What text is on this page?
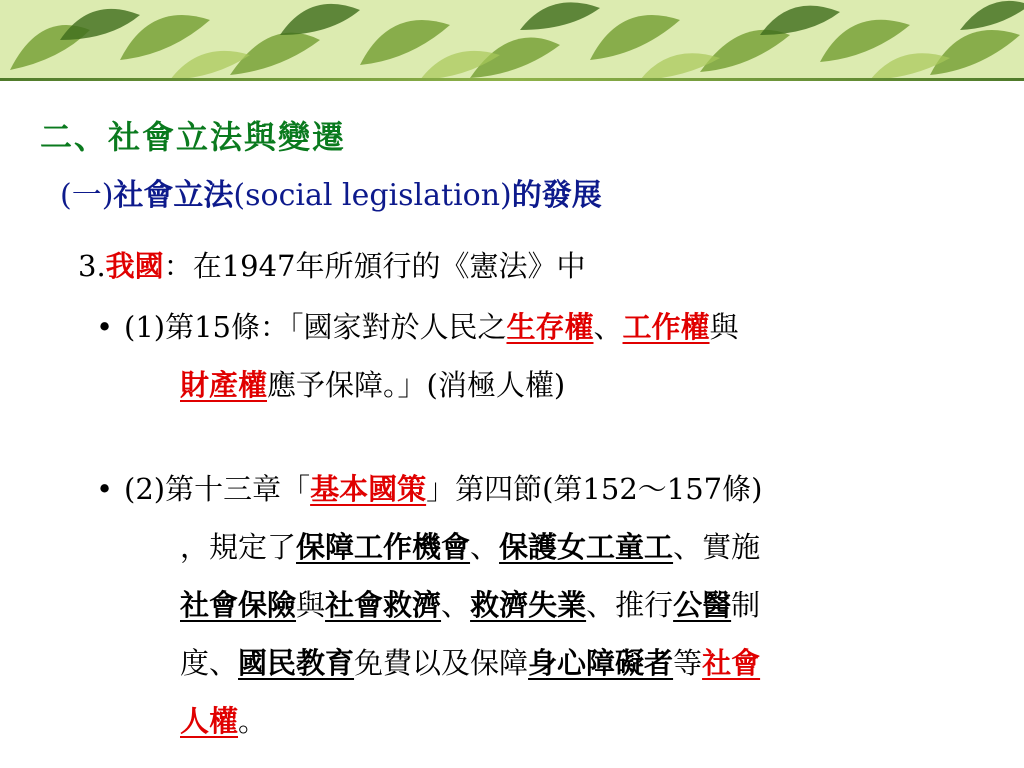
二、社會立法與變遷
(一)社會立法(social legislation)的發展
3.我國：在1947年所頒行的《憲法》中
• (1)第15條：「國家對於人民之生存權、工作權與
財產權應予保障。」(消極人權)
• (2)第十三章「基本國策」第四節(第152～157條)
，規定了保障工作機會、保護女工童工、實施
社會保險與社會救濟、救濟失業、推行公醫制
度、國民教育免費以及保障身心障礙者等社會
人權。
